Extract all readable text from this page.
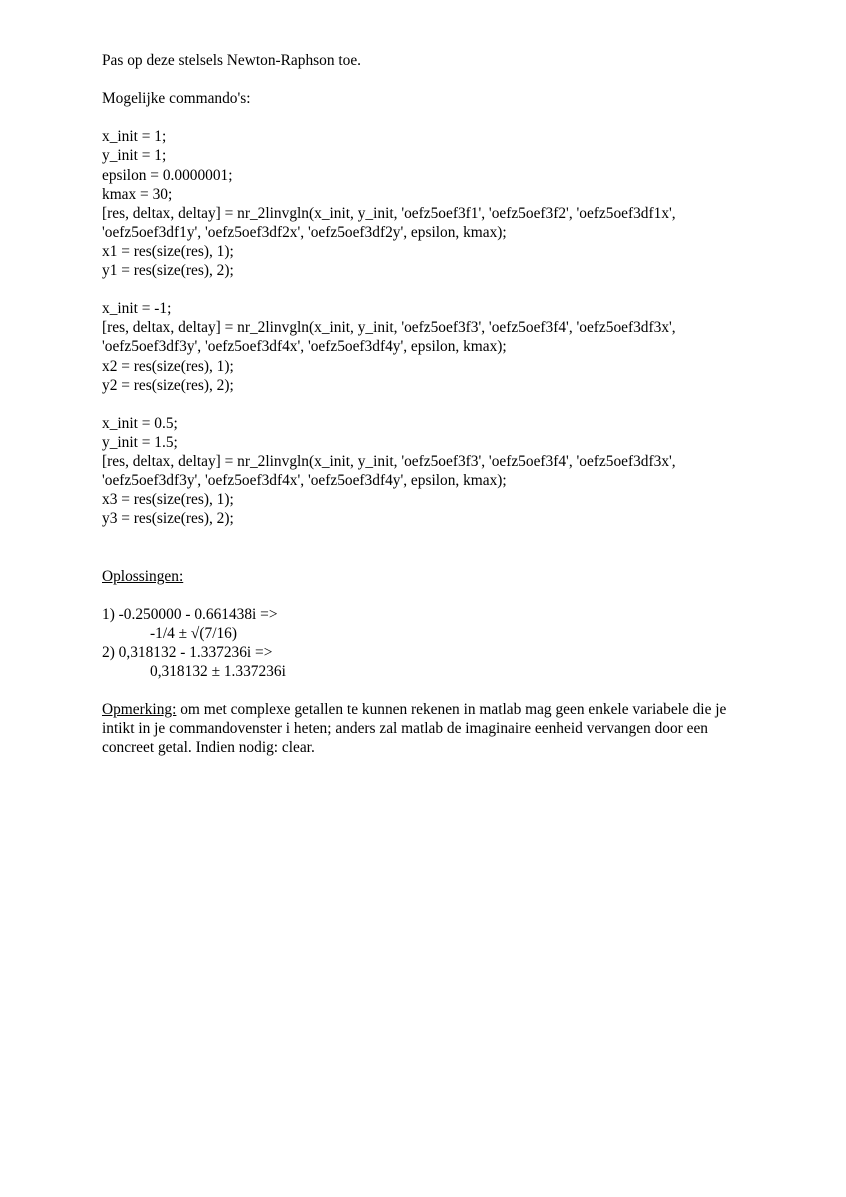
Pas op deze stelsels Newton-Raphson toe.
Mogelijke commando's:
x_init = 1;
y_init = 1;
epsilon = 0.0000001;
kmax = 30;
[res, deltax, deltay] = nr_2linvgln(x_init, y_init, 'oefz5oef3f1', 'oefz5oef3f2', 'oefz5oef3df1x',
'oefz5oef3df1y', 'oefz5oef3df2x', 'oefz5oef3df2y', epsilon, kmax);
x1 = res(size(res), 1);
y1 = res(size(res), 2);
x_init = -1;
[res, deltax, deltay] = nr_2linvgln(x_init, y_init, 'oefz5oef3f3', 'oefz5oef3f4', 'oefz5oef3df3x',
'oefz5oef3df3y', 'oefz5oef3df4x', 'oefz5oef3df4y', epsilon, kmax);
x2 = res(size(res), 1);
y2 = res(size(res), 2);
x_init = 0.5;
y_init = 1.5;
[res, deltax, deltay] = nr_2linvgln(x_init, y_init, 'oefz5oef3f3', 'oefz5oef3f4', 'oefz5oef3df3x',
'oefz5oef3df3y', 'oefz5oef3df4x', 'oefz5oef3df4y', epsilon, kmax);
x3 = res(size(res), 1);
y3 = res(size(res), 2);
Oplossingen:
1) -0.250000 - 0.661438i =>
-1/4 ± √(7/16)
2) 0,318132 - 1.337236i =>
0,318132 ± 1.337236i
Opmerking: om met complexe getallen te kunnen rekenen in matlab mag geen enkele variabele die je intikt in je commandovenster i heten; anders zal matlab de imaginaire eenheid vervangen door een concreet getal. Indien nodig: clear.
